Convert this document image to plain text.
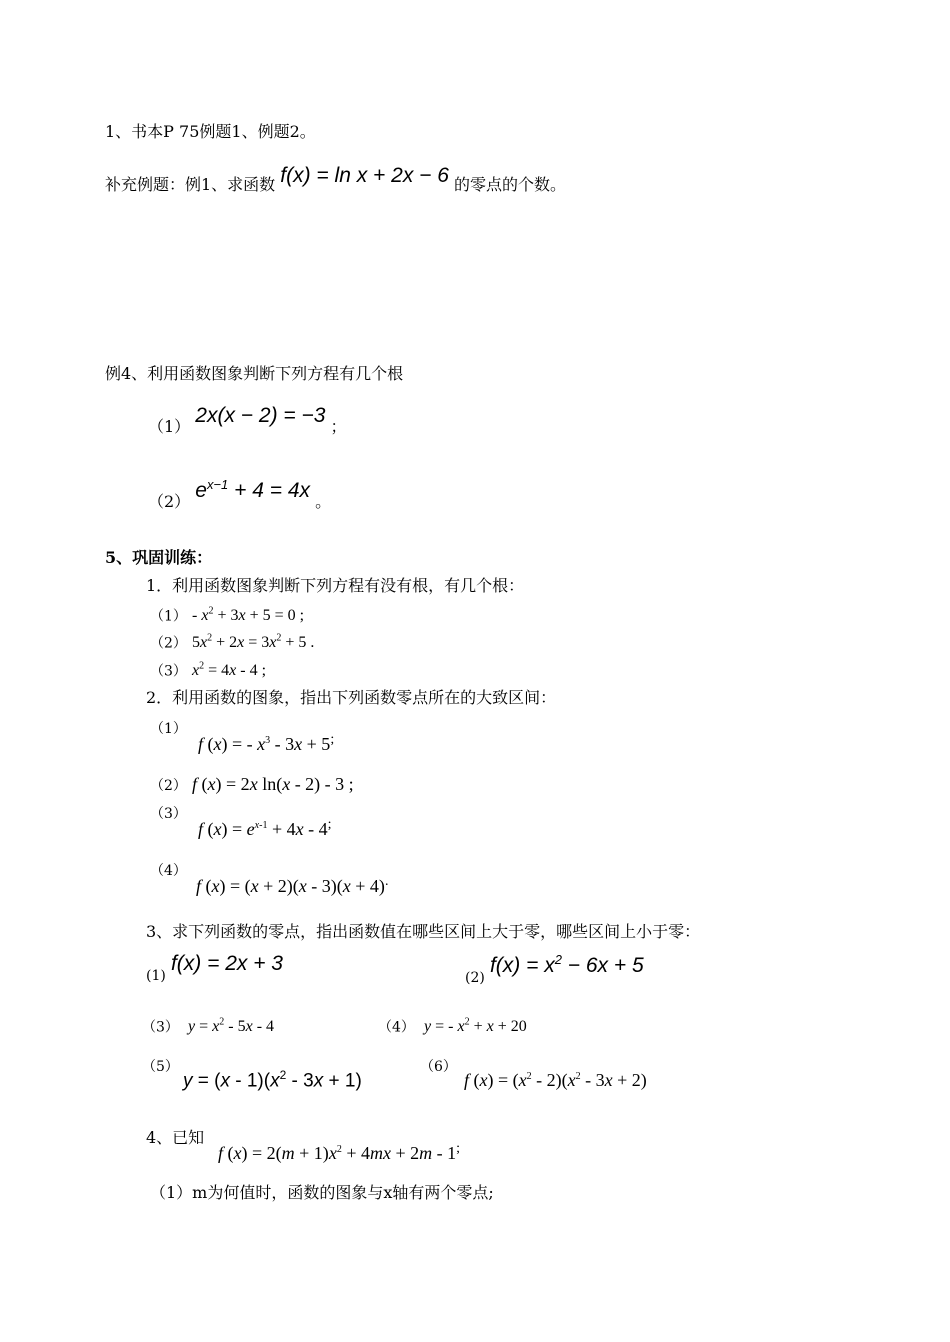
1、书本P 75例题1、例题2。
补充例题：例1、求函数 f(x) = ln x + 2x − 6 的零点的个数。
例4、利用函数图象判断下列方程有几个根
（1） 2x(x − 2) = −3 ；
（2） $e^{x-1} + 4 = 4x$ 。
5、巩固训练：
1．利用函数图象判断下列方程有没有根，有几个根：
$(1) - x^2 + 3x + 5 = 0$ ;
（2） $5x^2 + 2x = 3x^2 + 5$ .
（3） $x^2 = 4x - 4$ ;
2．利用函数的图象，指出下列函数零点所在的大致区间：
（1）
f (x) = - $x^3 - 3x + 5^;$
（2） f (x) = 2x ln(x - 2) - 3 ;
（3）
f $(x) = e^{x-1} + 4x - 4^;$
（4）
f (x) = (x + 2)(x - 3)(x + 4).
3、求下列函数的零点，指出函数值在哪些区间上大于零，哪些区间上小于零：
(1) f(x) = 2x + 3
(2) $f(x) = x^2 - 6x + 5$
（3） $y = x^2 - 5x - 4$	（4） y = - $x^2 + x + 20$
（5）
$y = (x - 1)(x^2 - 3x + 1)$
（6）
f $(x) = (x^2 - 2)(x^2 - 3x + 2)$
4、已知
f $(x) = 2(m + 1)x^2 + 4mx + 2m - 1^;$
（1）m为何值时，函数的图象与x轴有两个零点;
